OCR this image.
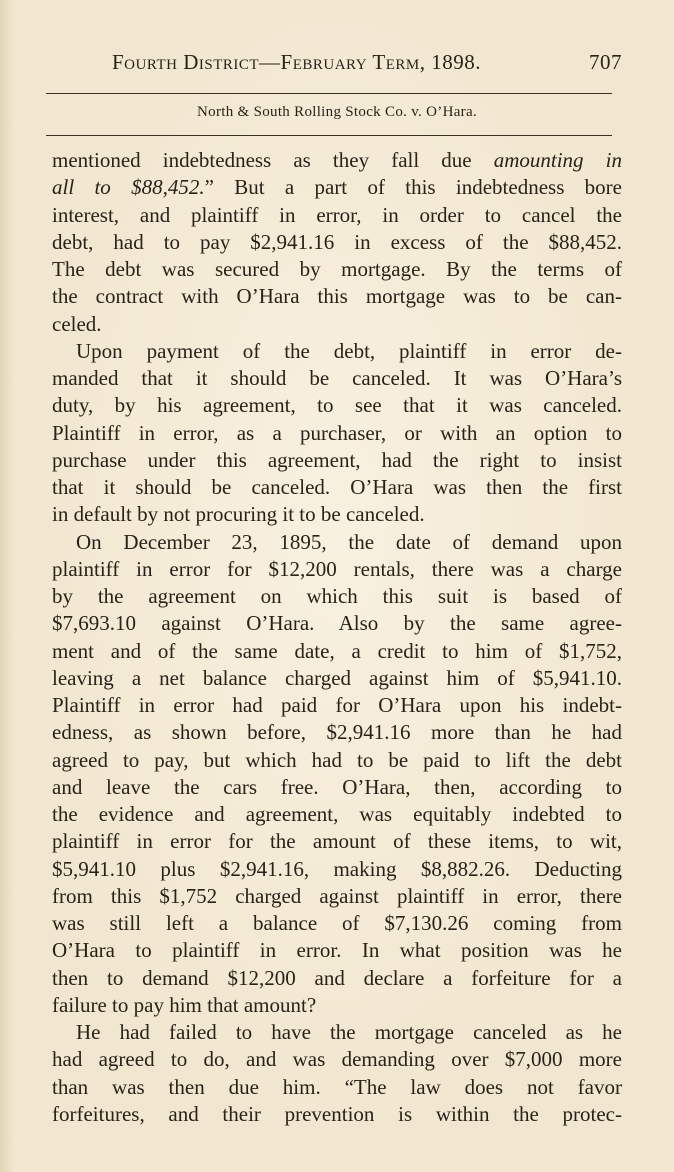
Fourth District—February Term, 1898.	707
North & South Rolling Stock Co. v. O’Hara.
mentioned indebtedness as they fall due amounting in
all to $88,452.” But a part of this indebtedness bore
interest, and plaintiff in error, in order to cancel the
debt, had to pay $2,941.16 in excess of the $88,452.
The debt was secured by mortgage. By the terms of
the contract with O’Hara this mortgage was to be can-
celed.
Upon payment of the debt, plaintiff in error de-
manded that it should be canceled. It was O’Hara’s
duty, by his agreement, to see that it was canceled.
Plaintiff in error, as a purchaser, or with an option to
purchase under this agreement, had the right to insist
that it should be canceled. O’Hara was then the first
in default by not procuring it to be canceled.
On December 23, 1895, the date of demand upon
plaintiff in error for $12,200 rentals, there was a charge
by the agreement on which this suit is based of
$7,693.10 against O’Hara. Also by the same agree-
ment and of the same date, a credit to him of $1,752,
leaving a net balance charged against him of $5,941.10.
Plaintiff in error had paid for O’Hara upon his indebt-
edness, as shown before, $2,941.16 more than he had
agreed to pay, but which had to be paid to lift the debt
and leave the cars free. O’Hara, then, according to
the evidence and agreement, was equitably indebted to
plaintiff in error for the amount of these items, to wit,
$5,941.10 plus $2,941.16, making $8,882.26. Deducting
from this $1,752 charged against plaintiff in error, there
was still left a balance of $7,130.26 coming from
O’Hara to plaintiff in error. In what position was he
then to demand $12,200 and declare a forfeiture for a
failure to pay him that amount?
He had failed to have the mortgage canceled as he
had agreed to do, and was demanding over $7,000 more
than was then due him. “The law does not favor
forfeitures, and their prevention is within the protec-
